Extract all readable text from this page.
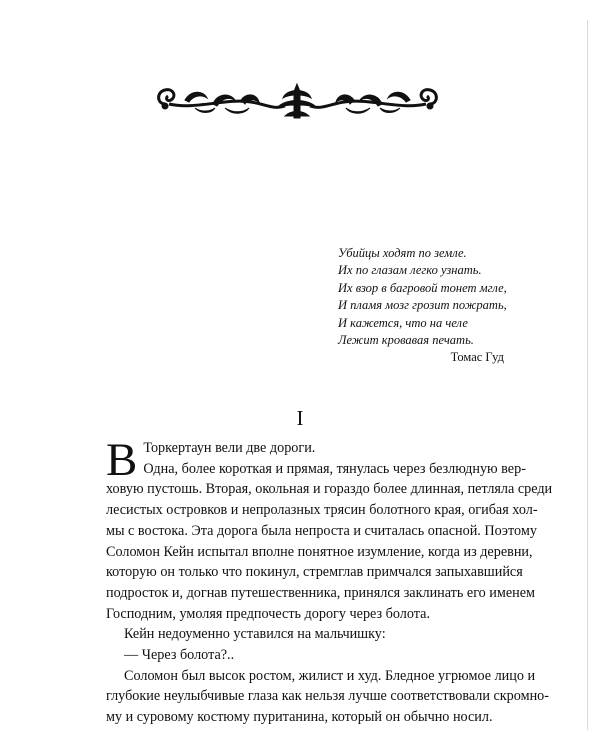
Убийцы ходят по земле.
Их по глазам легко узнать.
Их взор в багровой тонет мгле,
И пламя мозг грозит пожрать,
И кажется, что на челе
Лежит кровавая печать.
Томас Гуд
I
В Торкертаун вели две дороги.
Одна, более короткая и прямая, тянулась через безлюдную вер-
ховую пустошь. Вторая, окольная и гораздо более длинная, петляла среди
лесистых островков и непролазных трясин болотного края, огибая хол-
мы с востока. Эта дорога была непроста и считалась опасной. Поэтому
Соломон Кейн испытал вполне понятное изумление, когда из деревни,
которую он только что покинул, стремглав примчался запыхавшийся
подросток и, догнав путешественника, принялся заклинать его именем
Господним, умоляя предпочесть дорогу через болота.
Кейн недоуменно уставился на мальчишку:
— Через болота?..
Соломон был высок ростом, жилист и худ. Бледное угрюмое лицо и
глубокие неулыбчивые глаза как нельзя лучше соответствовали скромно-
му и суровому костюму пуританина, который он обычно носил.
